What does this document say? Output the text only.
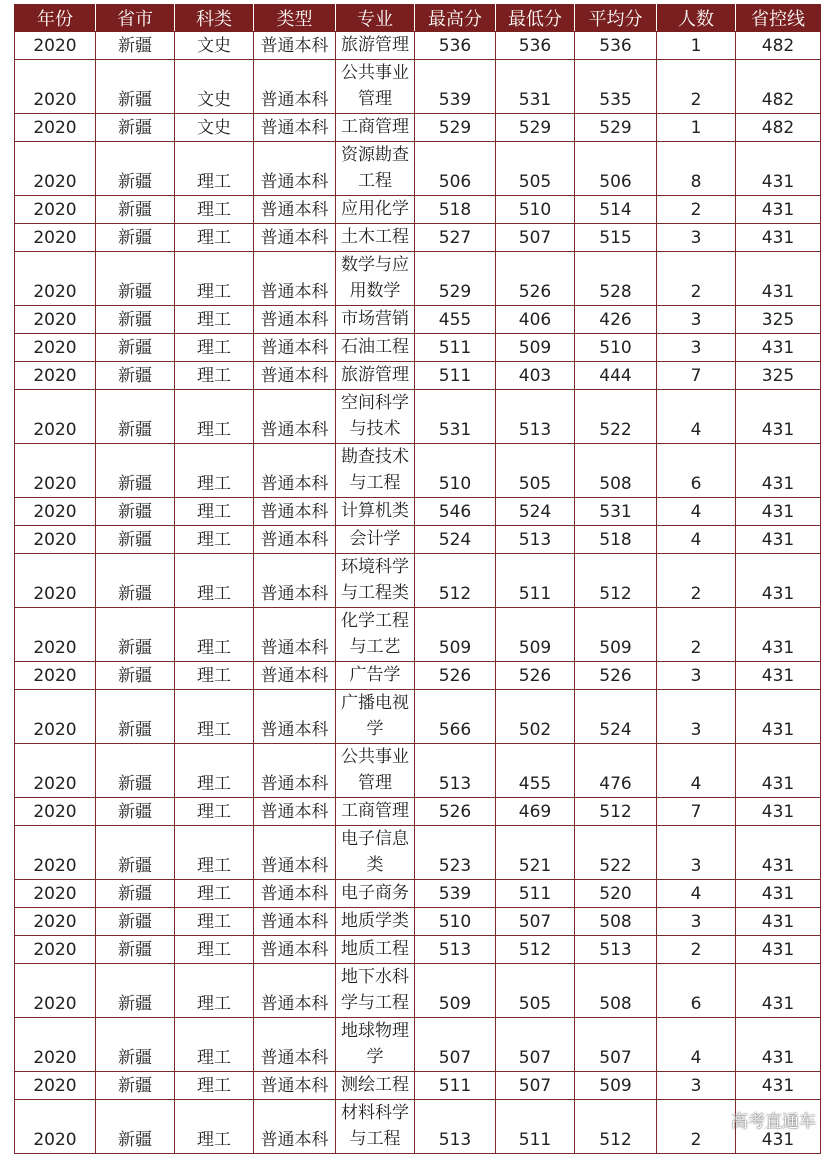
年份	省市	科类	类型	专业	最高分	最低分	平均分	人数	省控线
2020	新疆	文史	普通本科	旅游管理	536	536	536	1	482
2020	新疆	文史	普通本科	公共事业管理	539	531	535	2	482
2020	新疆	文史	普通本科	工商管理	529	529	529	1	482
2020	新疆	理工	普通本科	资源勘查工程	506	505	506	8	431
2020	新疆	理工	普通本科	应用化学	518	510	514	2	431
2020	新疆	理工	普通本科	土木工程	527	507	515	3	431
2020	新疆	理工	普通本科	数学与应用数学	529	526	528	2	431
2020	新疆	理工	普通本科	市场营销	455	406	426	3	325
2020	新疆	理工	普通本科	石油工程	511	509	510	3	431
2020	新疆	理工	普通本科	旅游管理	511	403	444	7	325
2020	新疆	理工	普通本科	空间科学与技术	531	513	522	4	431
2020	新疆	理工	普通本科	勘查技术与工程	510	505	508	6	431
2020	新疆	理工	普通本科	计算机类	546	524	531	4	431
2020	新疆	理工	普通本科	会计学	524	513	518	4	431
2020	新疆	理工	普通本科	环境科学与工程类	512	511	512	2	431
2020	新疆	理工	普通本科	化学工程与工艺	509	509	509	2	431
2020	新疆	理工	普通本科	广告学	526	526	526	3	431
2020	新疆	理工	普通本科	广播电视学	566	502	524	3	431
2020	新疆	理工	普通本科	公共事业管理	513	455	476	4	431
2020	新疆	理工	普通本科	工商管理	526	469	512	7	431
2020	新疆	理工	普通本科	电子信息类	523	521	522	3	431
2020	新疆	理工	普通本科	电子商务	539	511	520	4	431
2020	新疆	理工	普通本科	地质学类	510	507	508	3	431
2020	新疆	理工	普通本科	地质工程	513	512	513	2	431
2020	新疆	理工	普通本科	地下水科学与工程	509	505	508	6	431
2020	新疆	理工	普通本科	地球物理学	507	507	507	4	431
2020	新疆	理工	普通本科	测绘工程	511	507	509	3	431
2020	新疆	理工	普通本科	材料科学与工程	513	511	512	2	431
高考直通车
